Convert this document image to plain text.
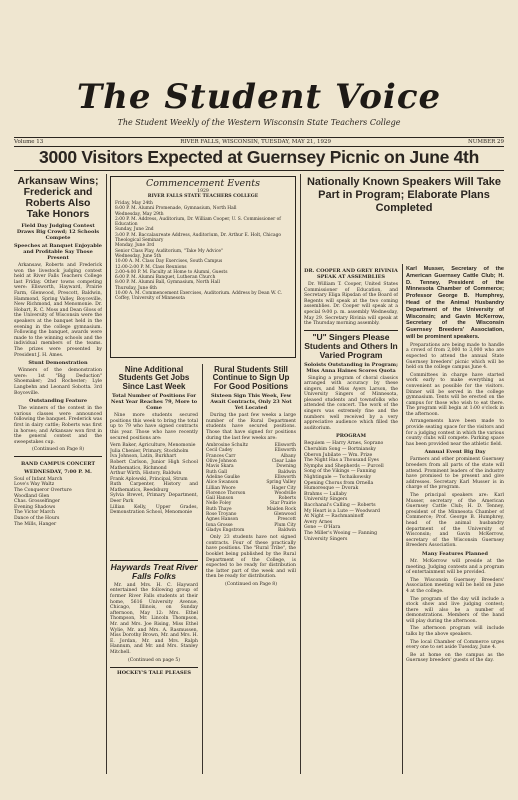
The Student Voice
The Student Weekly of the Western Wisconsin State Teachers College
Volume 13	RIVER FALLS, WISCONSIN, TUESDAY, MAY 21, 1929	NUMBER 29
3000 Visitors Expected at Guernsey Picnic on June 4th
Arkansaw Wins; Frederick and Roberts Also Take Honors
Field Day Judging Contest Draws Big Crowd; 12 Schools Compete
Speeches at Banquet Enjoyable and Profitable Say Those Present

Arkansaw, Roberts and Frederick won the livestock judging contest held at River Falls Teachers College last Friday. Other towns competing were: Ellsworth, Hayward, Prairie Farm, Glenwood, Prescott, Baldwin, Hammond, Spring Valley, Boyceville, New Richmond, and Menomonie. Dr. Hobart, R. C. Moss and Dean Gloss of the University of Wisconsin were the speakers at the banquet held in the evening in the college gymnasium. Following the banquet, awards were made to the winning schools and the individual members of the teams. The prizes were presented by President J. H. Ames.

Stunt Demonstration

Winners of the demonstration were: 1st "Big Deduction" Shoemaker; 2nd Rochester; Lyle Langbehn and Leonard Sobotta. 3rd Boyceville.

Outstanding Feature

The winners of the contest in the various classes were announced following the banquet. Frederick was first in dairy cattle; Roberts was first in horses; and Arkansaw won first in the general contest and the sweepstakes cup.

(Continued on Page 8)
BAND CAMPUS CONCERT
WEDNESDAY, 7:00 P. M.
Soul of Infant March
Love's Way Waltz
The Conqueror Overture
Woodland Glen
Chas. Grosselfinger
Evening Shadows
The Victor March
Dance of the Hours
The Mills, Hanger
Commencement Events
1929
RIVER FALLS STATE TEACHERS COLLEGE
Friday, May 24th
8:00 P. M. Alumni Promenade, Gymnasium, North Hall
Wednesday, May 29th
2:00 P. M. Address, Auditorium, Dr. William Cooper, U. S. Commissioner of Education
Sunday, June 2nd
3:00 P. M. Baccalaureate Address, Auditorium, Dr. Arthur E. Holt, Chicago Theological Seminary
Monday, June 3rd
Senior Class Play, Auditorium, "Take My Advice"
Wednesday, June 5th
10:00 A. M. Class Day Exercises, South Campus
12:00-2:00 P. M. Class Reunions
2:00-4:00 P. M. Faculty at Home to Alumni, Guests
6:00 P. M. Alumni Banquet, Lutheran Church
8:00 P. M. Alumni Ball, Gymnasium, North Hall
Thursday, June 6th
10:00 A. M. Commencement Exercises, Auditorium. Address by Dean W. C. Coffey, University of Minnesota
Nine Additional Students Get Jobs Since Last Week
Total Number of Positions For Next Year Reaches 79, More to Come

Nine more students secured positions this week to bring the total up to 79 who have signed contracts this year. Those who have recently secured positions are:

Vern Baker, Agriculture, Menomonie
Julia Chenier, Primary, Stockholm
Iva Johnson, Latin, Burkhart
Robert Carlson, Junior High School Mathematics, Richmond
Arthur Wirth, History, Baldwin
Frank Aplowski, Principal, Strum
Ruth Carpenter, History and Mathematics, Reedsburg
Sylvia Brevet, Primary Department, Deer Park
Lillian Kelly, Upper Grades, Demonstration School, Menomonie
Haywards Treat River Falls Folks

Mr. and Mrs. H. C. Hayward entertained the following group of former River Falls students at their home, 5616 University Avenue, Chicago, Illinois, on Sunday afternoon, May 12: Mrs. Ethel Thompson, Mr. Lincoln Thompson, Mr. and Mrs. Joe Rising, Miss Ethel Wylie, Mr. and Mrs. A. Rasmussen, Miss Dorothy Brown, Mr. and Mrs. H. E. Jordan, Mr. and Mrs. Ralph Hannum, and Mr. and Mrs. Stanley Mitchell.

(Continued on page 5)
HOCKEY'S TALE PLEASES
Rural Students Still Continue to Sign Up For Good Positions
Sixteen Sign This Week, Few Await Contracts, Only 23 Not Yet Located

During the past few weeks a large number of the Rural Department students have secured positions. Those that have signed for positions during the last few weeks are:

Ambrosine Schultz	Ellsworth
Cecil Cadey	Ellsworth
Frances Carr	Albany
Olive Johnson	Clear Lake
Mavis Skara	Downing
Ruth Gall	Baldwin
Adeline Gaulke	Ellsworth
Alice Swanson	Spring Valley
Lillian Woore	Hager City
Florence Thorson	Woodville
Gail Hanson	Roberts
Nelle Foley	Star Prairie
Ruth Thaye	Maiden Rock
Rose Troyano	Glenwood
Agnes Hanson	Prescott
Iona Grosse	Plum City
Gladys Engstrom	Baldwin

Only 23 students have not signed contracts. Four of these practically have positions. The "Rural Tribe", the booklet being published by the Rural Department of the College, is expected to be ready for distribution the latter part of the week and will then be ready for distribution.

(Continued on Page 8)
Nationally Known Speakers Will Take Part in Program; Elaborate Plans Completed
DR. COOPER AND GREY RIVINIA SPEAK AT ASSEMBLIES

Dr. William T. Cooper, United States Commissioner of Education, and Secretary Eliga Ripsdan of the Board of Regents will speak at the two coming assemblies. Dr. Cooper will speak at a special 9:00 p. m. assembly Wednesday, May 29. Secretary Rivinia will speak at the Thursday morning assembly.

"U" Singers Please Students and Others In Varied Program
Soloists Outstanding in Program; Miss Anna Haines Scores Quota

Singing a program of choral classics arranged with accuracy by these singers, and Miss Ayers Larson, the University Singers of Minnesota, pleased students and townsfolks who attended the concert. The work of the singers was extremely fine and the numbers well received by a very appreciative audience which filled the auditorium.

PROGRAM
Requiem — Harry Arnes, Soprano
Cherubim Song — Bortniansky
Oberon Jubilate — Wm. Prize
The Night Has a Thousand Eyes
Nymphs and Shepherds — Purcell
Song of the Vikings — Fanning
Nightingale — Tschaikowsky
Opening Chorus from Ornella
Humoresque — Dvorak
Brahms — Lullaby
University Singers
Bacchanal's Calling — Roberts
My Heart is a Lute — Woodward
At Night — Rachmaninoff
Avery Arnes
Gone — O'Hara
The Miller's Wooing — Fanning
University Singers
Karl Musser, Secretary of the American Guernsey Cattle Club; H. D. Tenney, President of the Minnesota Chamber of Commerce; Professor George B. Humphrey, Head of the Animal Husbandry Department of the University of Wisconsin; and Gavin McKerrow, Secretary of the Wisconsin Guernsey Breeders' Association, will be prominent speakers.

Preparations are being made to handle a crowd of from 2,000 to 3,000 who are expected to attend the annual State Guernsey breeders' picnic which will be held on the college campus June 4.

Committees in charge have started work early to make everything as convenient as possible for the visitors. Dinner will be served in the college gymnasium. Tents will be erected on the campus for those who wish to eat there. The program will begin at 1:00 o'clock in the afternoon.

Arrangements have been made to provide seating space for the visitors and for a judging contest in which the various county clubs will compete. Parking space has been provided near the athletic field.

Annual Event Big Day

Farmers and other prominent Guernsey breeders from all parts of the state will attend. Prominent leaders of the industry have promised to be present and give addresses. Secretary Karl Musser is in charge of the program.

The principal speakers are: Karl Musser, secretary of the American Guernsey Cattle Club; H. D. Tenney, president of the Minnesota Chamber of Commerce; Prof. George B. Humphrey, head of the animal husbandry department of the University of Wisconsin; and Gavin McKerrow, secretary of the Wisconsin Guernsey Breeders Association.

Many Features Planned

Mr. McKerrow will preside at the meeting. Judging contests and a program of entertainment will be provided.

The Wisconsin Guernsey Breeders' Association meeting will be held on June 4 at the college.

The program of the day will include a stock show and live judging contest; there will also be a number of demonstrations. Members of the band will play during the afternoon.

The afternoon program will include talks by the above speakers.

The local Chamber of Commerce urges every one to set aside Tuesday, June 4.

Be at home on the campus as the Guernsey breeders' guests of the day.
